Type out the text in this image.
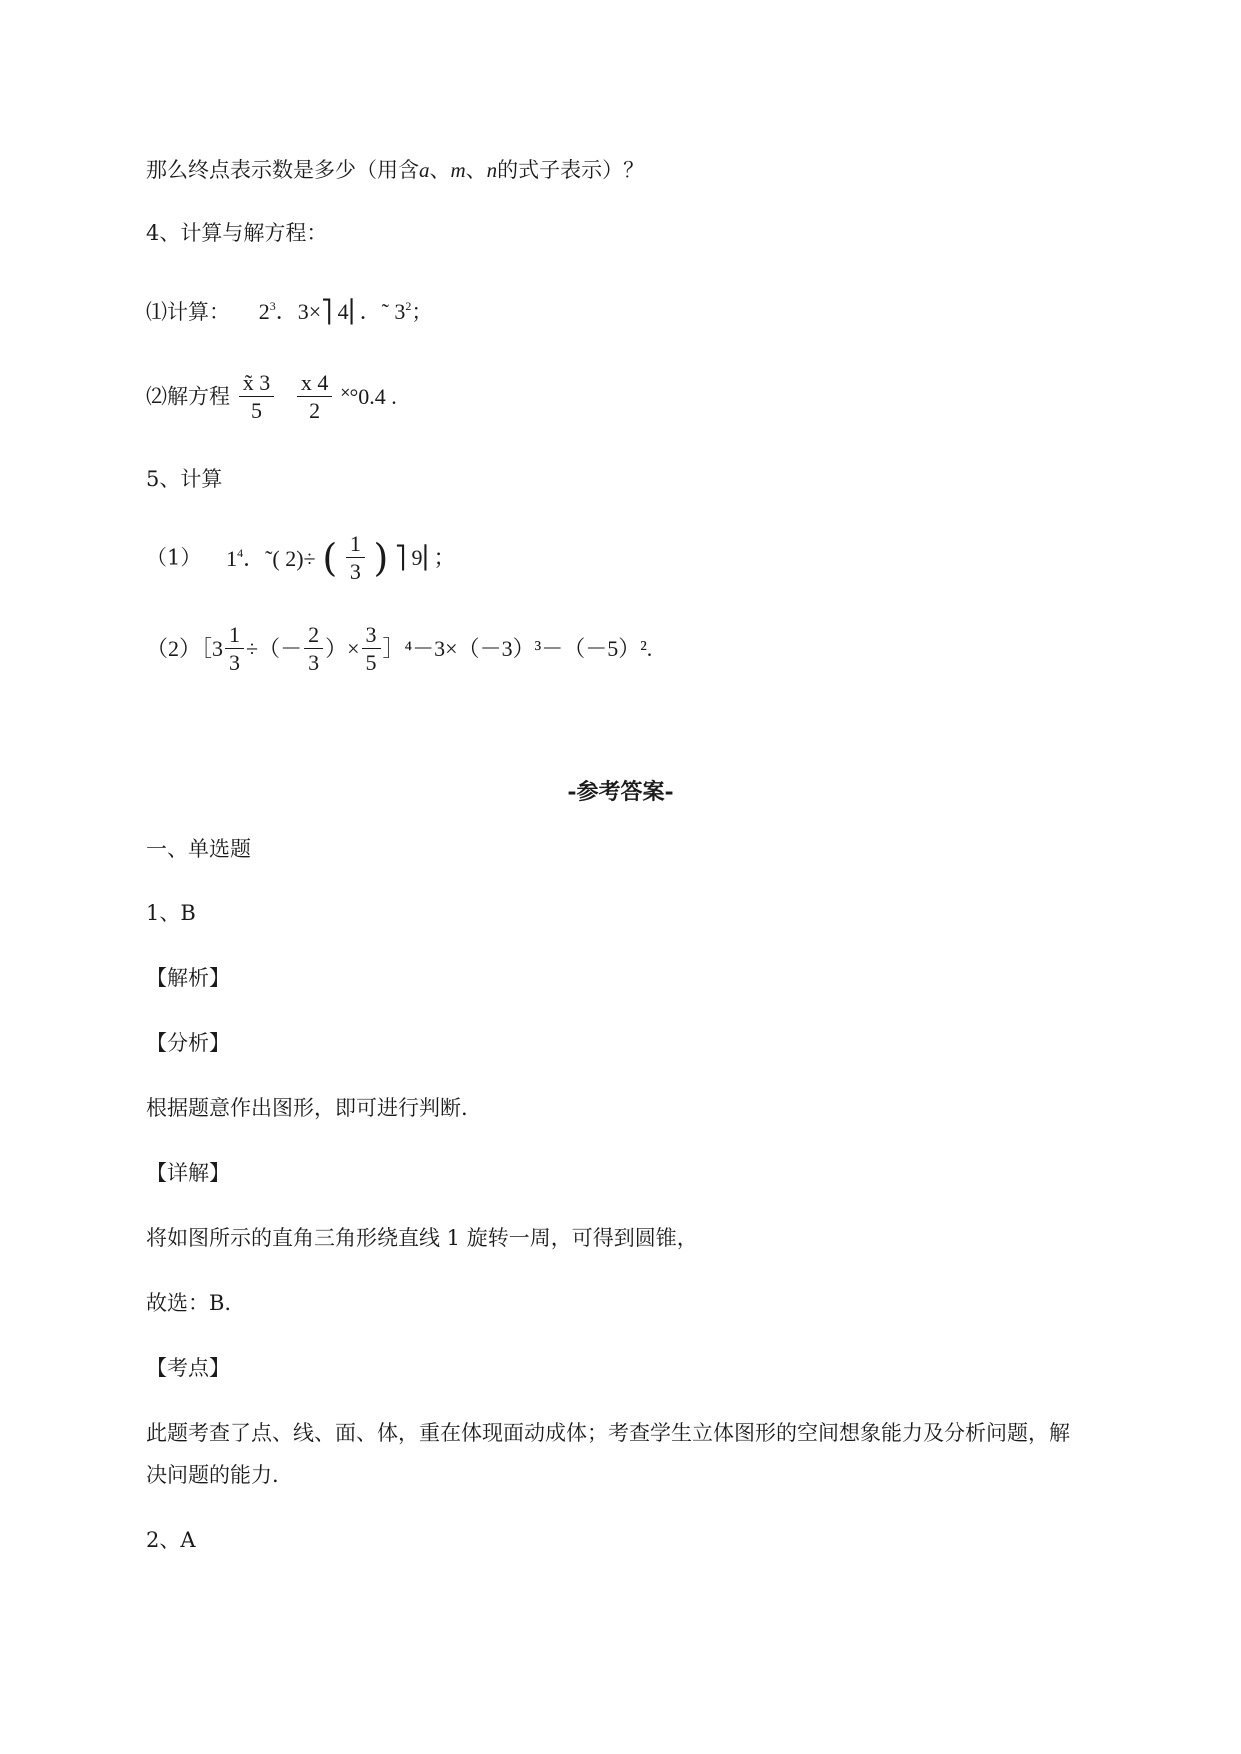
那么终点表示数是多少（用含a、m、n的式子表示）？
4、计算与解方程：
⑴计算： $2^3$．3×⎤ 4⎜．˜ $3^2$；
⑵解方程 $\frac{x̃ 3}{5}$
$\frac{x 4}{2}$ ˟°0.4 .
5、计算
（1） $1^4$．˜( 2)÷ ( $\frac{1}{3}$ ) ⎤ 9⎜；
（2）［3 $\frac{1}{3}$ ÷（－ $\frac{2}{3}$ ）× $\frac{3}{5}$ ］⁴－3×（－3）³－（－5）².
-参考答案-
一、单选题
1、B
【解析】
【分析】
根据题意作出图形，即可进行判断.
【详解】
将如图所示的直角三角形绕直线 1 旋转一周，可得到圆锥，
故选：B.
【考点】
此题考查了点、线、面、体，重在体现面动成体；考查学生立体图形的空间想象能力及分析问题，解
决问题的能力.
2、A
